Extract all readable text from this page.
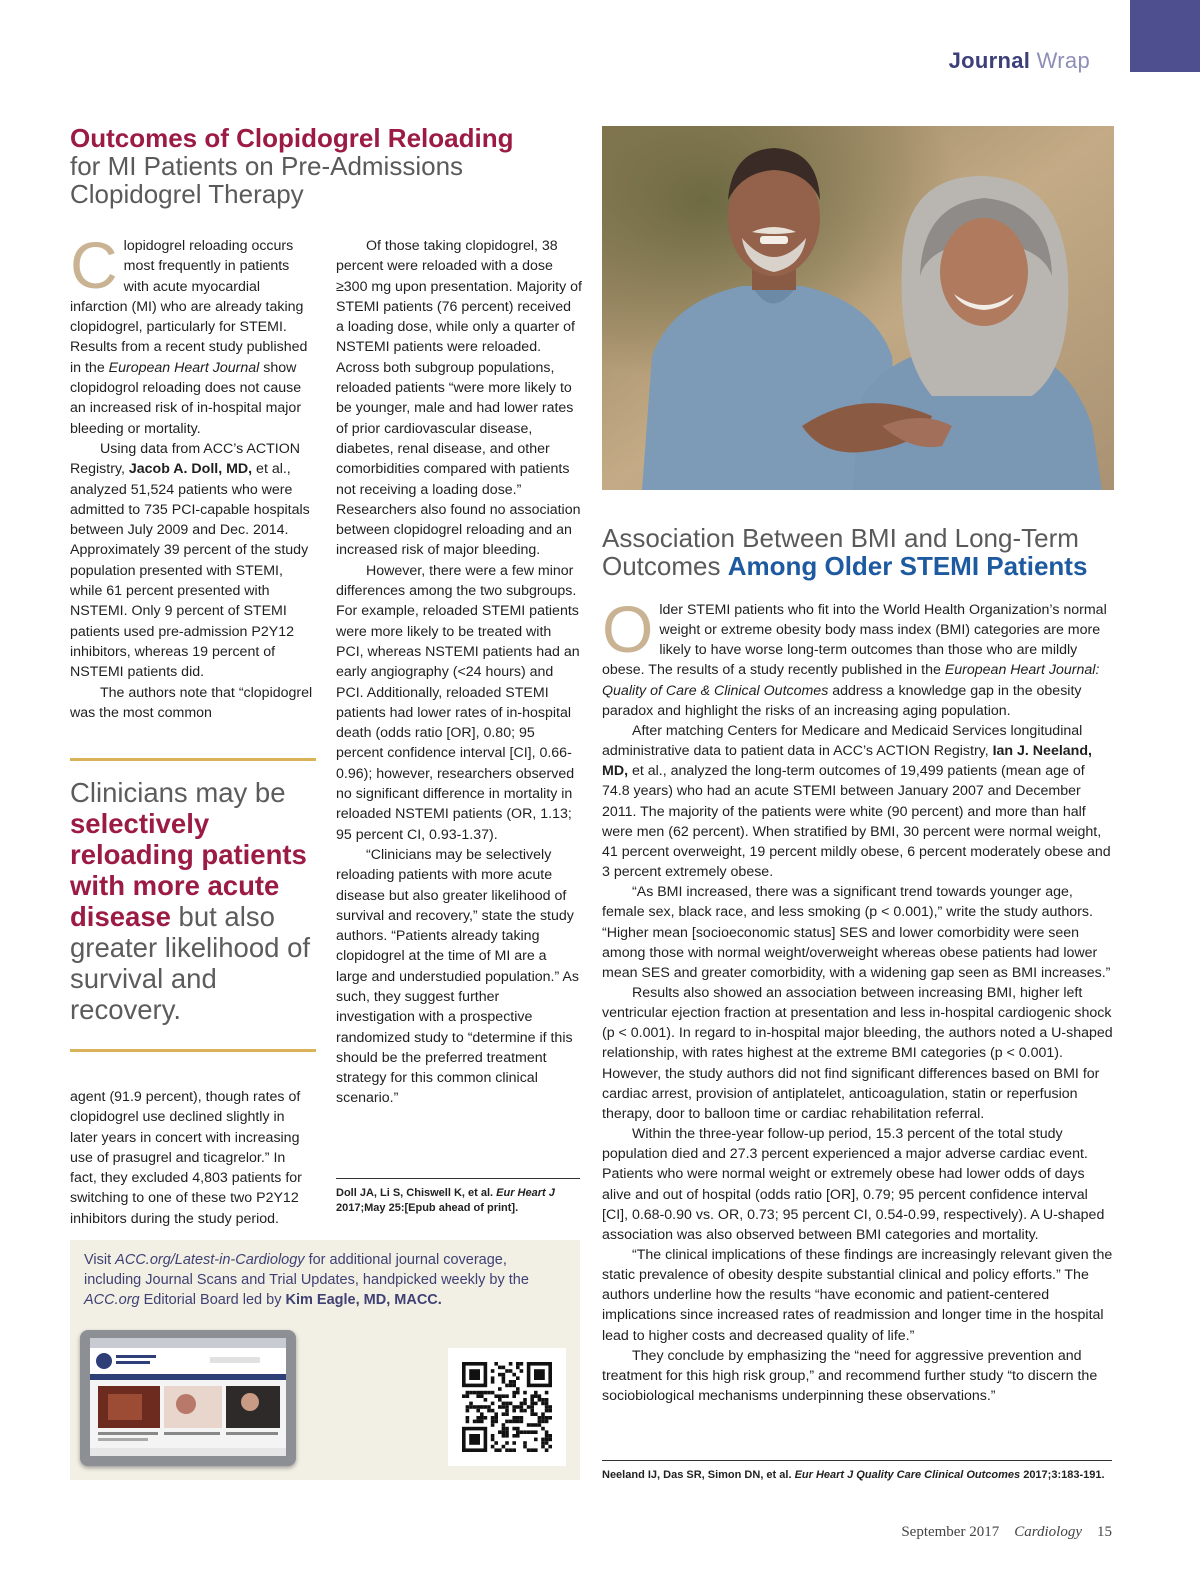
Journal Wrap
Outcomes of Clopidogrel Reloading
for MI Patients on Pre-Admissions Clopidogrel Therapy

Clopidogrel reloading occurs most frequently in patients with acute myocardial infarction (MI) who are already taking clopidogrel, particularly for STEMI. Results from a recent study published in the European Heart Journal show clopidogrol reloading does not cause an increased risk of in-hospital major bleeding or mortality.

Using data from ACC’s ACTION Registry, Jacob A. Doll, MD, et al., analyzed 51,524 patients who were admitted to 735 PCI-capable hospitals between July 2009 and Dec. 2014. Approximately 39 percent of the study population presented with STEMI, while 61 percent presented with NSTEMI. Only 9 percent of STEMI patients used pre-admission P2Y12 inhibitors, whereas 19 percent of NSTEMI patients did.

The authors note that “clopidogrel was the most common

Clinicians may be selectively reloading patients with more acute disease but also greater likelihood of survival and recovery.

agent (91.9 percent), though rates of clopidogrel use declined slightly in later years in concert with increasing use of prasugrel and ticagrelor.” In fact, they excluded 4,803 patients for switching to one of these two P2Y12 inhibitors during the study period.

Of those taking clopidogrel, 38 percent were reloaded with a dose ≥300 mg upon presentation. Majority of STEMI patients (76 percent) received a loading dose, while only a quarter of NSTEMI patients were reloaded. Across both subgroup populations, reloaded patients “were more likely to be younger, male and had lower rates of prior cardiovascular disease, diabetes, renal disease, and other comorbidities compared with patients not receiving a loading dose.” Researchers also found no association between clopidogrel reloading and an increased risk of major bleeding.

However, there were a few minor differences among the two subgroups. For example, reloaded STEMI patients were more likely to be treated with PCI, whereas NSTEMI patients had an early angiography (<24 hours) and PCI. Additionally, reloaded STEMI patients had lower rates of in-hospital death (odds ratio [OR], 0.80; 95 percent confidence interval [CI], 0.66-0.96); however, researchers observed no significant difference in mortality in reloaded NSTEMI patients (OR, 1.13; 95 percent CI, 0.93-1.37).

“Clinicians may be selectively reloading patients with more acute disease but also greater likelihood of survival and recovery,” state the study authors. “Patients already taking clopidogrel at the time of MI are a large and understudied population.” As such, they suggest further investigation with a prospective randomized study to “determine if this should be the preferred treatment strategy for this common clinical scenario.”

Doll JA, Li S, Chiswell K, et al. Eur Heart J 2017;May 25:[Epub ahead of print].
Visit ACC.org/Latest-in-Cardiology for additional journal coverage, including Journal Scans and Trial Updates, handpicked weekly by the ACC.org Editorial Board led by Kim Eagle, MD, MACC.
Association Between BMI and Long-Term Outcomes Among Older STEMI Patients

Older STEMI patients who fit into the World Health Organization’s normal weight or extreme obesity body mass index (BMI) categories are more likely to have worse long-term outcomes than those who are mildly obese. The results of a study recently published in the European Heart Journal: Quality of Care & Clinical Outcomes address a knowledge gap in the obesity paradox and highlight the risks of an increasing aging population.

After matching Centers for Medicare and Medicaid Services longitudinal administrative data to patient data in ACC’s ACTION Registry, Ian J. Neeland, MD, et al., analyzed the long-term outcomes of 19,499 patients (mean age of 74.8 years) who had an acute STEMI between January 2007 and December 2011. The majority of the patients were white (90 percent) and more than half were men (62 percent). When stratified by BMI, 30 percent were normal weight, 41 percent overweight, 19 percent mildly obese, 6 percent moderately obese and 3 percent extremely obese.

“As BMI increased, there was a significant trend towards younger age, female sex, black race, and less smoking (p < 0.001),” write the study authors. “Higher mean [socioeconomic status] SES and lower comorbidity were seen among those with normal weight/overweight whereas obese patients had lower mean SES and greater comorbidity, with a widening gap seen as BMI increases.”

Results also showed an association between increasing BMI, higher left ventricular ejection fraction at presentation and less in-hospital cardiogenic shock (p < 0.001). In regard to in-hospital major bleeding, the authors noted a U-shaped relationship, with rates highest at the extreme BMI categories (p < 0.001). However, the study authors did not find significant differences based on BMI for cardiac arrest, provision of antiplatelet, anticoagulation, statin or reperfusion therapy, door to balloon time or cardiac rehabilitation referral.

Within the three-year follow-up period, 15.3 percent of the total study population died and 27.3 percent experienced a major adverse cardiac event. Patients who were normal weight or extremely obese had lower odds of days alive and out of hospital (odds ratio [OR], 0.79; 95 percent confidence interval [CI], 0.68-0.90 vs. OR, 0.73; 95 percent CI, 0.54-0.99, respectively). A U-shaped association was also observed between BMI categories and mortality.

“The clinical implications of these findings are increasingly relevant given the static prevalence of obesity despite substantial clinical and policy efforts.” The authors underline how the results “have economic and patient-centered implications since increased rates of readmission and longer time in the hospital lead to higher costs and decreased quality of life.”

They conclude by emphasizing the “need for aggressive prevention and treatment for this high risk group,” and recommend further study “to discern the sociobiological mechanisms underpinning these observations.”

Neeland IJ, Das SR, Simon DN, et al. Eur Heart J Quality Care Clinical Outcomes 2017;3:183-191.
September 2017 Cardiology 15
